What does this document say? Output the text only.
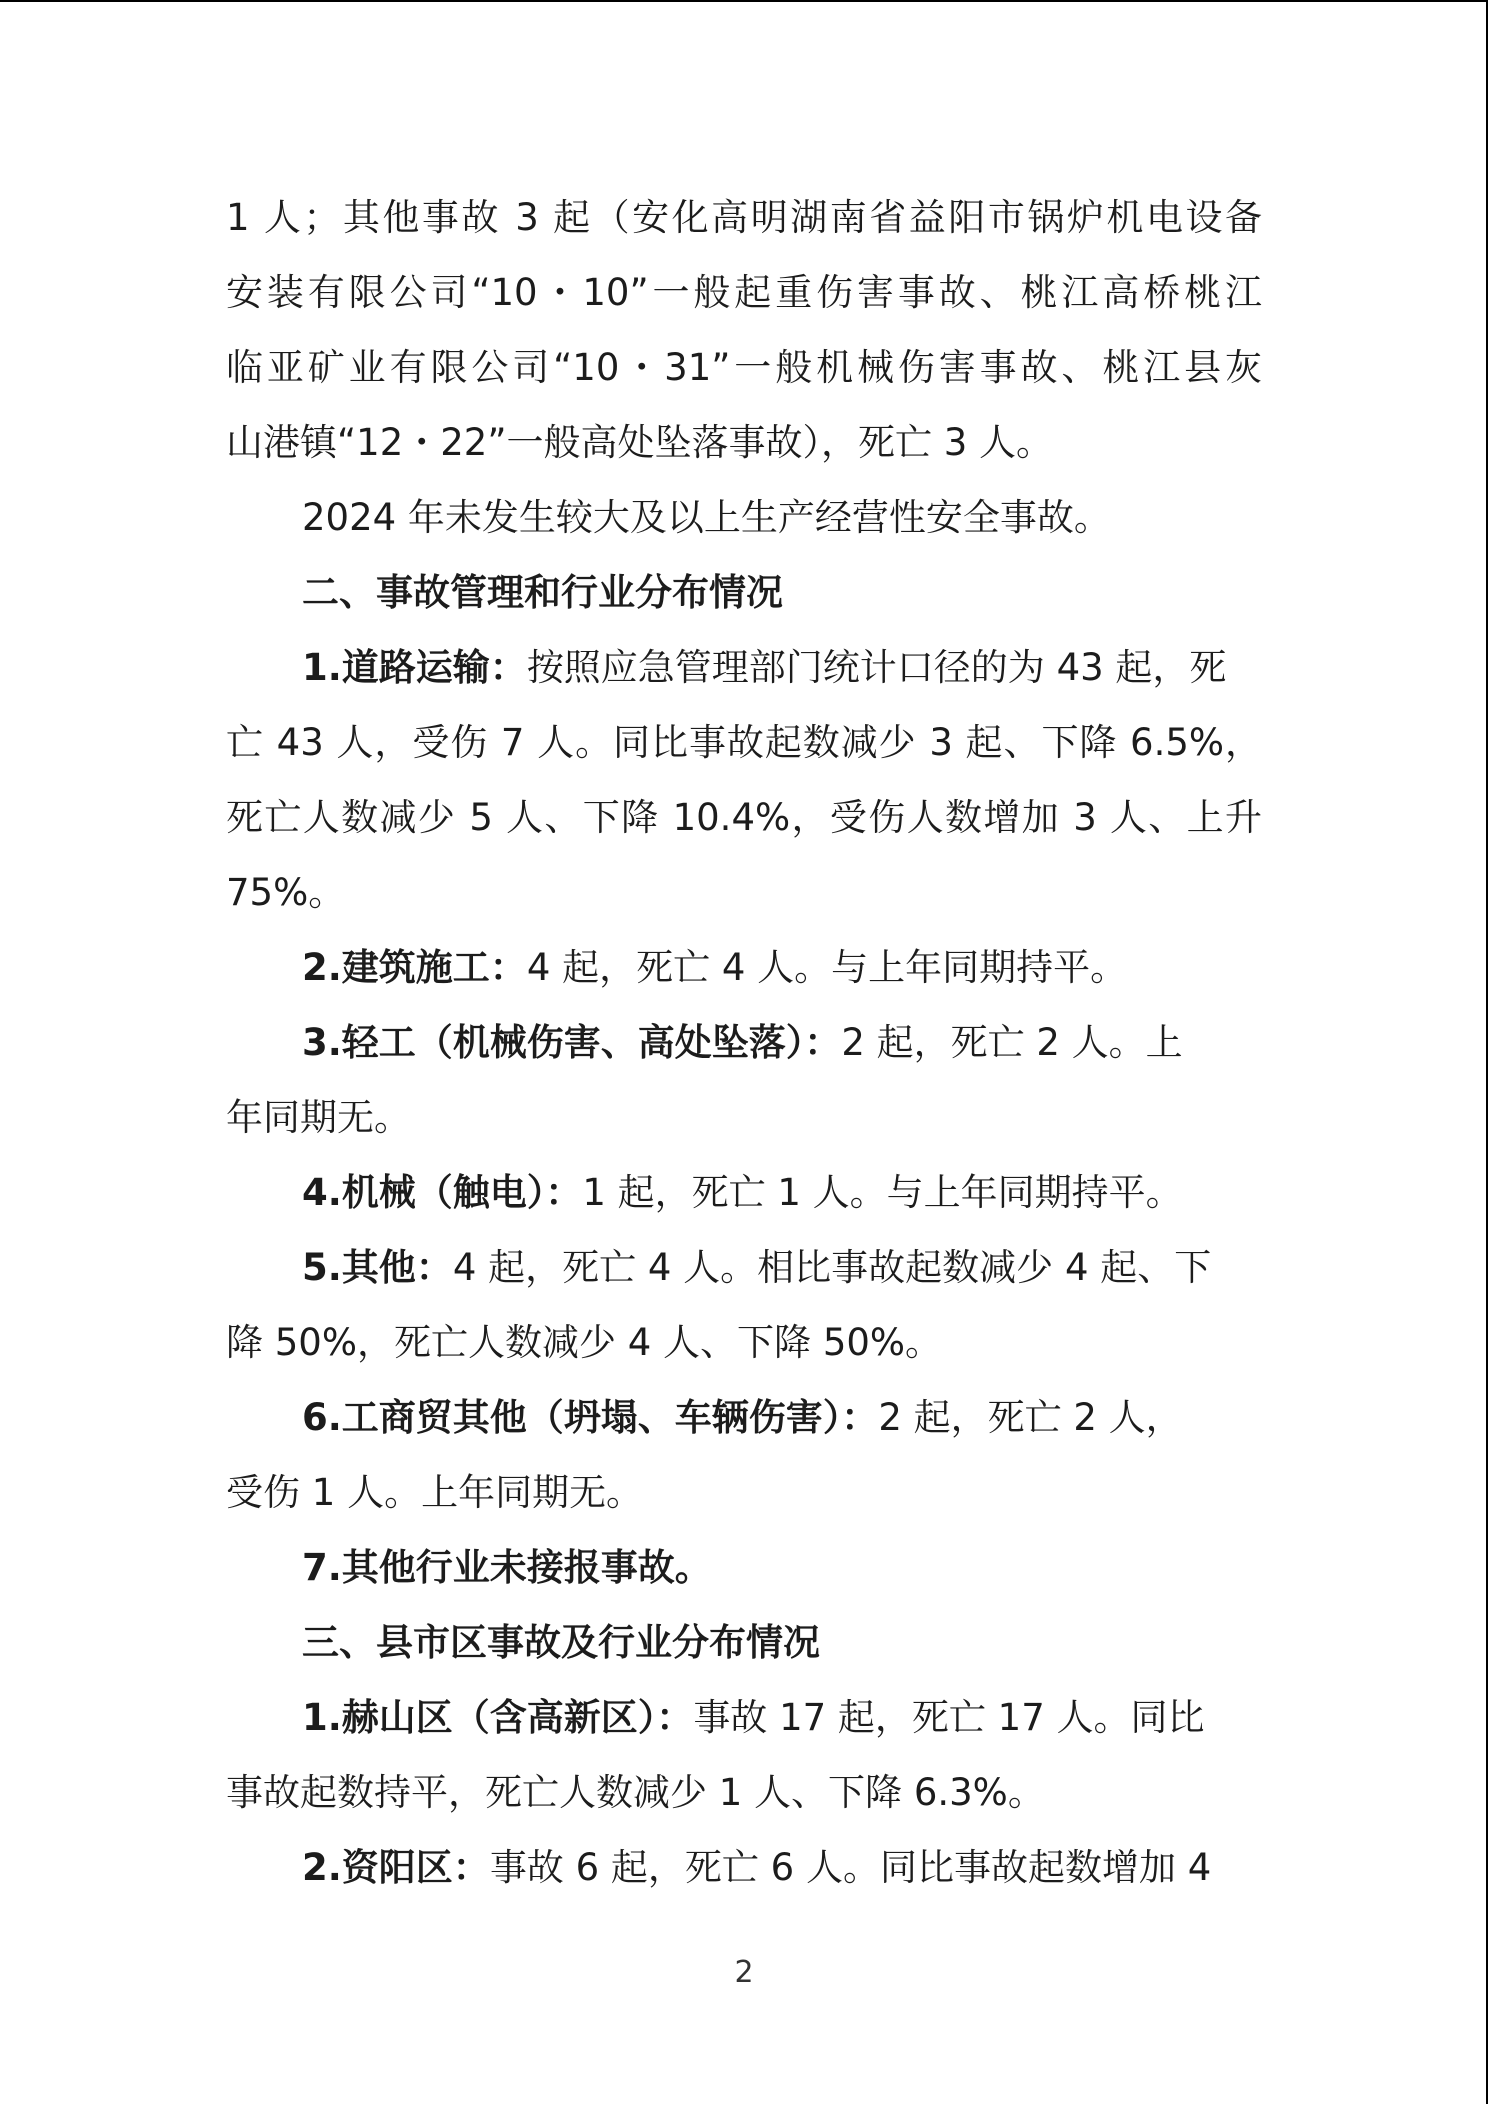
1 人；其他事故 3 起（安化高明湖南省益阳市锅炉机电设备
安装有限公司“10・10”一般起重伤害事故、桃江高桥桃江
临亚矿业有限公司“10・31”一般机械伤害事故、桃江县灰
山港镇“12・22”一般高处坠落事故），死亡 3 人。
2024 年未发生较大及以上生产经营性安全事故。
二、事故管理和行业分布情况
1.道路运输：按照应急管理部门统计口径的为 43 起，死
亡 43 人，受伤 7 人。同比事故起数减少 3 起、下降 6.5%，
死亡人数减少 5 人、下降 10.4%，受伤人数增加 3 人、上升
75%。
2.建筑施工：4 起，死亡 4 人。与上年同期持平。
3.轻工（机械伤害、高处坠落）：2 起，死亡 2 人。上
年同期无。
4.机械（触电）：1 起，死亡 1 人。与上年同期持平。
5.其他：4 起，死亡 4 人。相比事故起数减少 4 起、下
降 50%，死亡人数减少 4 人、下降 50%。
6.工商贸其他（坍塌、车辆伤害）：2 起，死亡 2 人，
受伤 1 人。上年同期无。
7.其他行业未接报事故。
三、县市区事故及行业分布情况
1.赫山区（含高新区）：事故 17 起，死亡 17 人。同比
事故起数持平，死亡人数减少 1 人、下降 6.3%。
2.资阳区：事故 6 起，死亡 6 人。同比事故起数增加 4
2
